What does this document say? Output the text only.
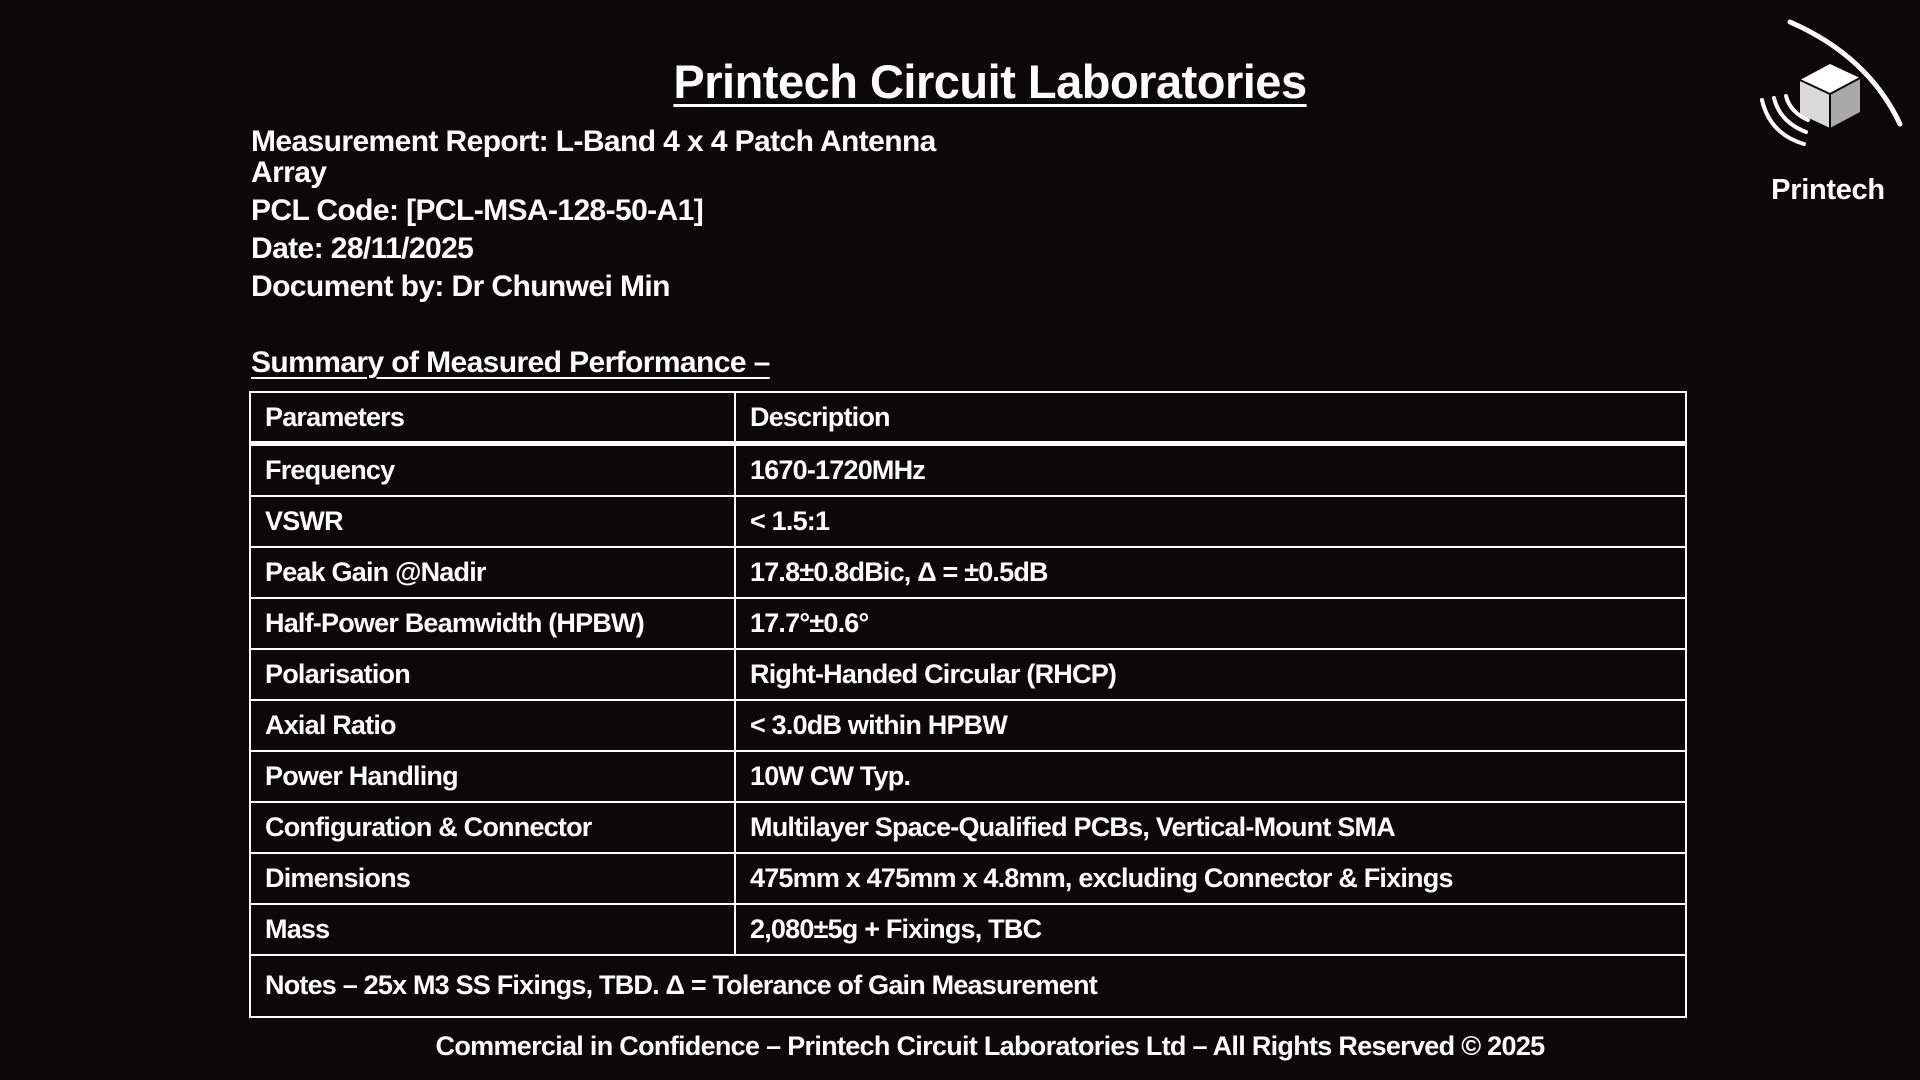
Printech Circuit Laboratories
Measurement Report: L-Band 4 x 4 Patch Antenna
Array
PCL Code: [PCL-MSA-128-50-A1]
Date: 28/11/2025
Document by: Dr Chunwei Min
Printech
Summary of Measured Performance –
Parameters	Description
Frequency	1670-1720MHz
VSWR	< 1.5:1
Peak Gain @Nadir	17.8±0.8dBic, Δ = ±0.5dB
Half-Power Beamwidth (HPBW)	17.7°±0.6°
Polarisation	Right-Handed Circular (RHCP)
Axial Ratio	< 3.0dB within HPBW
Power Handling	10W CW Typ.
Configuration & Connector	Multilayer Space-Qualified PCBs, Vertical-Mount SMA
Dimensions	475mm x 475mm x 4.8mm, excluding Connector & Fixings
Mass	2,080±5g + Fixings, TBC
Notes – 25x M3 SS Fixings, TBD. Δ = Tolerance of Gain Measurement	
Commercial in Confidence – Printech Circuit Laboratories Ltd – All Rights Reserved © 2025
